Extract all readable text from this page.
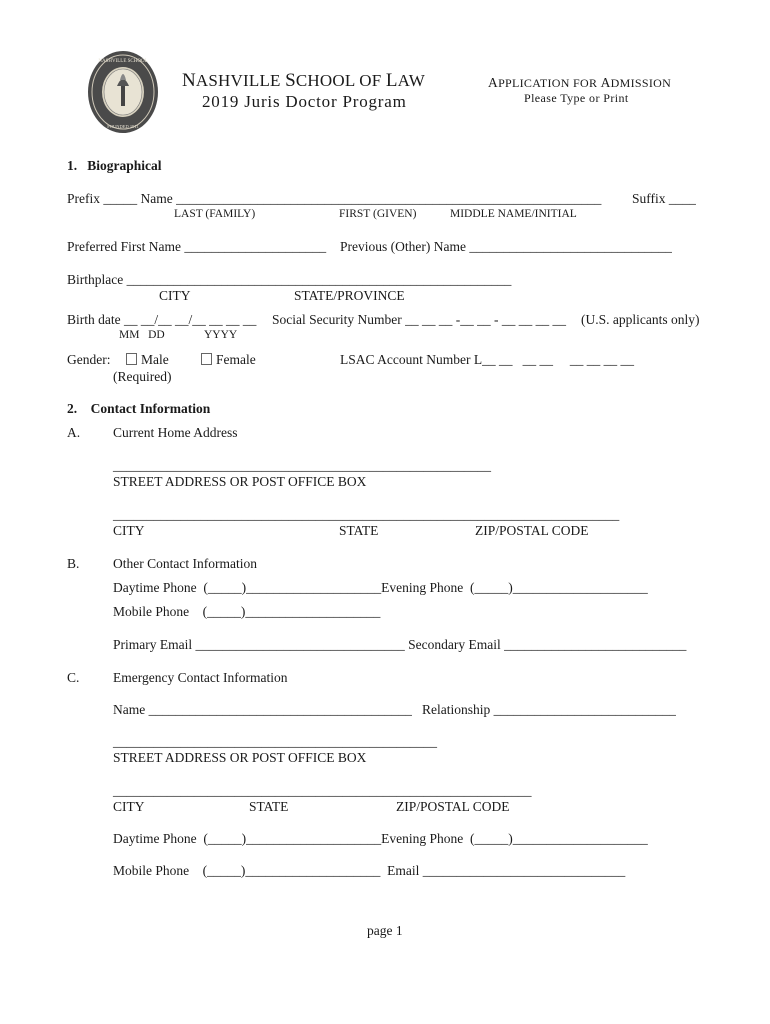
NASHVILLE SCHOOL
FOUNDED 1911
NASHVILLE SCHOOL OF LAW
2019 Juris Doctor Program
APPLICATION FOR ADMISSION
Please Type or Print
1.   Biographical
Prefix _____ Name _______________________________________________________________ Suffix ____
LAST (FAMILY)	FIRST (GIVEN)	MIDDLE NAME/INITIAL
Preferred First Name _____________________ Previous (Other) Name ______________________________
Birthplace _________________________________________________________
CITY	STATE/PROVINCE
Birth date __ __/__ __/__ __ __ __ Social Security Number __ __ __ -__ __ - __ __ __ __ (U.S. applicants only)
MM   DD	YYYY
Gender:	Male	Female
(Required)
LSAC Account Number L__ __   __ __     __ __ __ __
2.    Contact Information
A. Current Home Address
________________________________________________________
STREET ADDRESS OR POST OFFICE BOX
___________________________________________________________________________
CITY	STATE	ZIP/POSTAL CODE
B. Other Contact Information
Daytime Phone  (_____)____________________Evening Phone  (_____)____________________
Mobile Phone    (_____)____________________
Primary Email _______________________________ Secondary Email ___________________________
C. Emergency Contact Information
Name _______________________________________   Relationship ___________________________
________________________________________________
STREET ADDRESS OR POST OFFICE BOX
______________________________________________________________
CITY	STATE	ZIP/POSTAL CODE
Daytime Phone  (_____)____________________Evening Phone  (_____)____________________
Mobile Phone    (_____)____________________  Email ______________________________
page 1
